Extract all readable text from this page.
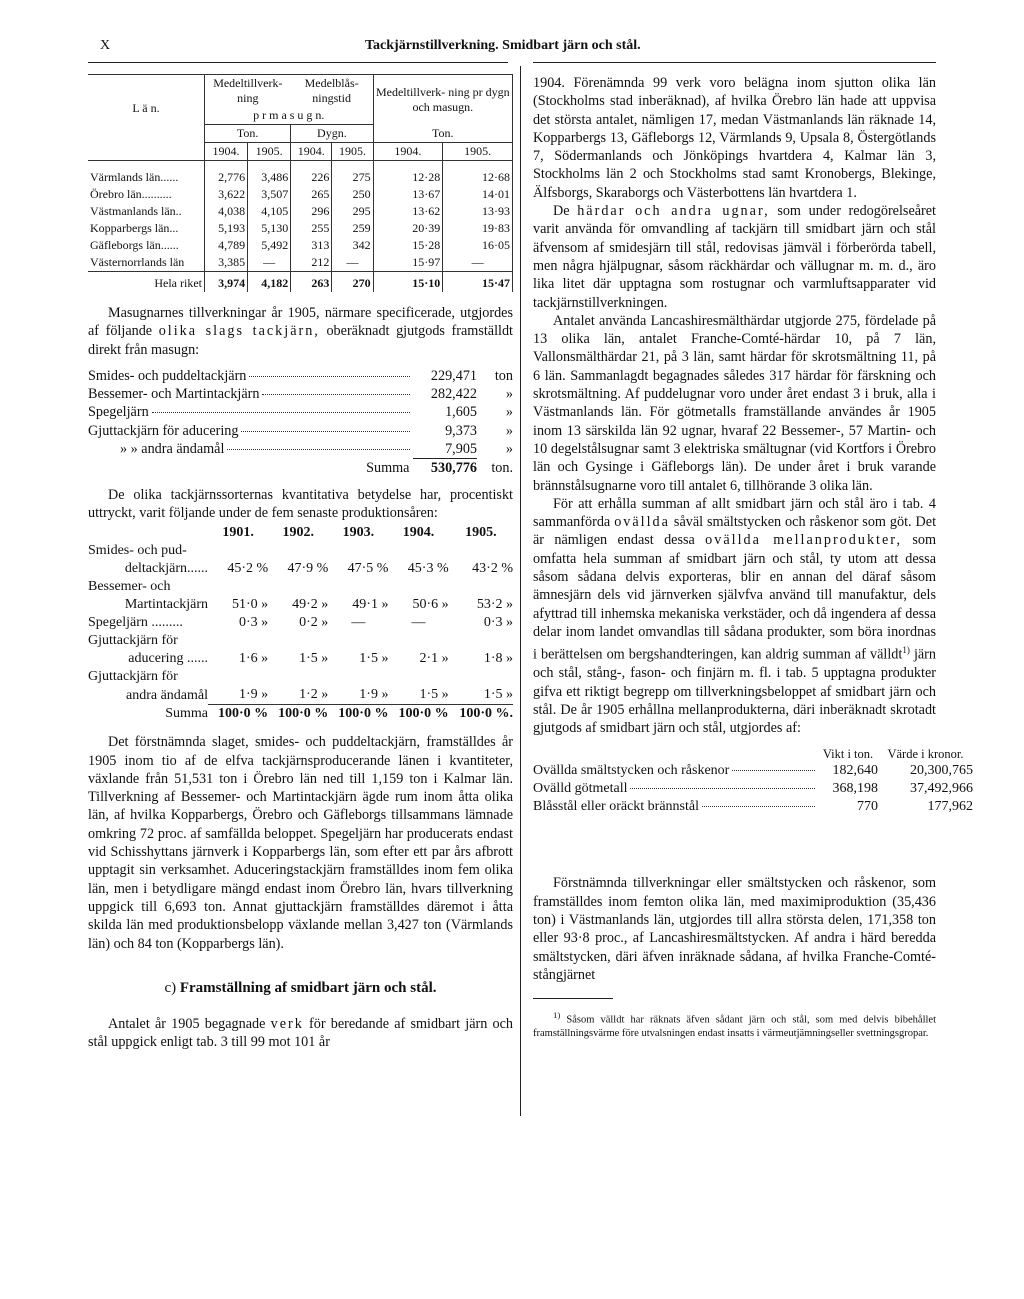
X	Tackjärnstillverkning. Smidbart järn och stål.
L ä n.	Medeltillverk- ning		Medelblås- ningstid		Medeltillverk- ning pr dygn och masugn.	
	p r m a s u g n.					
	Ton.		Dygn.		Ton.	
	1904.	1905.	1904.	1905.	1904.	1905.

Värmlands län......	2,776	3,486	226	275	12·28	12·68
Örebro län..........	3,622	3,507	265	250	13·67	14·01
Västmanlands län..	4,038	4,105	296	295	13·62	13·93
Kopparbergs län...	5,193	5,130	255	259	20·39	19·83
Gäfleborgs län......	4,789	5,492	313	342	15·28	16·05
Västernorrlands län	3,385	—	212	—	15·97	—
Hela riket	3,974	4,182	263	270	15·10	15·47

Masugnarnes tillverkningar år 1905, närmare specificerade, utgjordes af följande olika slags tackjärn, oberäknadt gjutgods framställdt direkt från masugn:

Smides- och puddeltackjärn	229,471	ton
Bessemer- och Martintackjärn	282,422	»
Spegeljärn	1,605	»
Gjuttackjärn för aducering	9,373	»
» » andra ändamål	7,905	»
Summa 530,776 ton.

De olika tackjärnssorternas kvantitativa betydelse har, procentiskt uttryckt, varit följande under de fem senaste produktionsåren:

	1901.	1902.	1903.	1904.	1905.
Smides- och pud-					
deltackjärn......	45·2 %	47·9 %	47·5 %	45·3 %	43·2 %
Bessemer- och					
Martintackjärn	51·0 »	49·2 »	49·1 »	50·6 »	53·2 »
Spegeljärn .........	0·3 »	0·2 »	—	—	0·3 »
Gjuttackjärn för					
aducering ......	1·6 »	1·5 »	1·5 »	2·1 »	1·8 »
Gjuttackjärn för					
andra ändamål	1·9 »	1·2 »	1·9 »	1·5 »	1·5 »
Summa	100·0 %	100·0 %	100·0 %	100·0 %	100·0 %.

Det förstnämnda slaget, smides- och puddeltackjärn, framställdes år 1905 inom tio af de elfva tackjärnsproducerande länen i kvantiteter, växlande från 51,531 ton i Örebro län ned till 1,159 ton i Kalmar län. Tillverkning af Bessemer- och Martintackjärn ägde rum inom åtta olika län, af hvilka Kopparbergs, Örebro och Gäfleborgs tillsammans lämnade omkring 72 proc. af samfällda beloppet. Spegeljärn har producerats endast vid Schisshyttans järnverk i Kopparbergs län, som efter ett par års afbrott upptagit sin verksamhet. Aduceringstackjärn framställdes inom fem olika län, men i betydligare mängd endast inom Örebro län, hvars tillverkning uppgick till 6,693 ton. Annat gjuttackjärn framställdes däremot i åtta skilda län med produktionsbelopp växlande mellan 3,427 ton (Värmlands län) och 84 ton (Kopparbergs län).

c) Framställning af smidbart järn och stål.

Antalet år 1905 begagnade verk för beredande af smidbart järn och stål uppgick enligt tab. 3 till 99 mot 101 år

1904. Förenämnda 99 verk voro belägna inom sjutton olika län (Stockholms stad inberäknad), af hvilka Örebro län hade att uppvisa det största antalet, nämligen 17, medan Västmanlands län räknade 14, Kopparbergs 13, Gäfleborgs 12, Värmlands 9, Upsala 8, Östergötlands 7, Södermanlands och Jönköpings hvartdera 4, Kalmar län 3, Stockholms län 2 och Stockholms stad samt Kronobergs, Blekinge, Älfsborgs, Skaraborgs och Västerbottens län hvartdera 1.

De härdar och andra ugnar, som under redogörelseåret varit använda för omvandling af tackjärn till smidbart järn och stål äfvensom af smidesjärn till stål, redovisas jämväl i förberörda tabell, men några hjälpugnar, såsom räckhärdar och vällugnar m. m. d., äro lika litet där upptagna som rostugnar och varmluftsapparater vid tackjärnstillverkningen.

Antalet använda Lancashiresmälthärdar utgjorde 275, fördelade på 13 olika län, antalet Franche-Comté-härdar 10, på 7 län, Vallonsmälthärdar 21, på 3 län, samt härdar för skrotsmältning 11, på 6 län. Sammanlagdt begagnades således 317 härdar för färskning och skrotsmältning. Af puddelugnar voro under året endast 3 i bruk, alla i Västmanlands län. För götmetalls framställande användes år 1905 inom 13 särskilda län 92 ugnar, hvaraf 22 Bessemer-, 57 Martin- och 10 degelstålsugnar samt 3 elektriska smältugnar (vid Kortfors i Örebro län och Gysinge i Gäfleborgs län). De under året i bruk varande brännstålsugnarne voro till antalet 6, tillhörande 3 olika län.

För att erhålla summan af allt smidbart järn och stål äro i tab. 4 sammanförda ovällda såväl smältstycken och råskenor som göt. Det är nämligen endast dessa ovällda mellanprodukter, som omfatta hela summan af smidbart järn och stål, ty utom att dessa såsom sådana delvis exporteras, blir en annan del däraf såsom ämnesjärn dels vid järnverken självfva använd till manufaktur, dels afyttrad till inhemska mekaniska verkstäder, och då ingendera af dessa delar inom landet omvandlas till sådana produkter, som böra inordnas i berättelsen om bergshandteringen, kan aldrig summan af välldt$^{1)}$ järn och stål, stång-, fason- och finjärn m. fl. i tab. 5 upptagna produkter gifva ett riktigt begrepp om tillverkningsbeloppet af smidbart järn och stål. De år 1905 erhållna mellanprodukterna, däri inberäknadt skrotadt gjutgods af smidbart järn och stål, utgjordes af:

	Vikt i ton.	Värde i kronor.

Ovällda smältstycken och råskenor	182,640	20,300,765

Ovälld götmetall	368,198	37,492,966

Blåsstål eller oräckt brännstål	770	177,962

Förstnämnda tillverkningar eller smältstycken och råskenor, som framställdes inom femton olika län, med maximiproduktion (35,436 ton) i Västmanlands län, utgjordes till allra största delen, 171,358 ton eller 93·8 proc., af Lancashiresmältstycken. Af andra i härd beredda smältstycken, däri äfven inräknade sådana, af hvilka Franche-Comté-stångjärnet

$^{1)}$ Såsom välldt har räknats äfven sådant järn och stål, som med delvis bibehållet framställningsvärme före utvalsningen endast insatts i värmeutjämningseller svettningsgropar.
